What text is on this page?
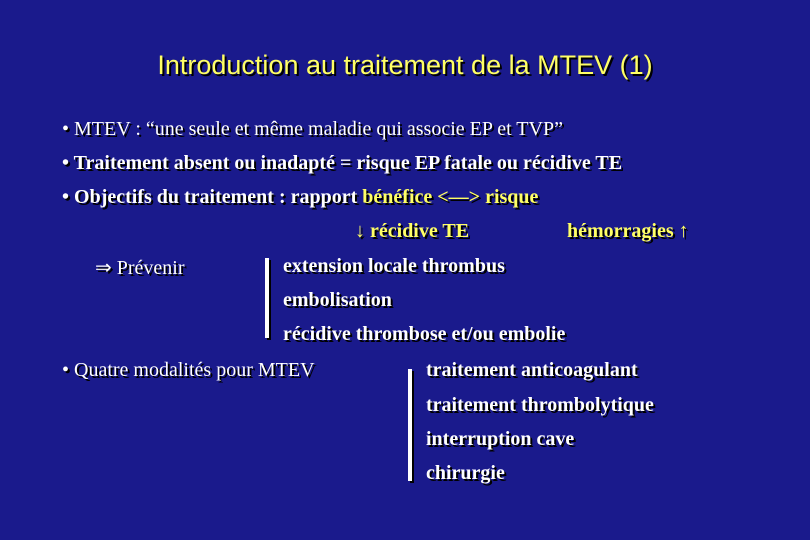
Introduction au traitement de la MTEV (1)
• MTEV : “une seule et même maladie qui associe EP et TVP”
• Traitement absent ou inadapté = risque EP fatale ou récidive TE
• Objectifs du traitement : rapport bénéfice <—> risque
↓ récidive TE	hémorragies ↑
⇒ Prévenir	extension locale thrombus
embolisation
récidive thrombose et/ou embolie
• Quatre modalités pour MTEV	traitement anticoagulant
traitement thrombolytique
interruption cave
chirurgie
